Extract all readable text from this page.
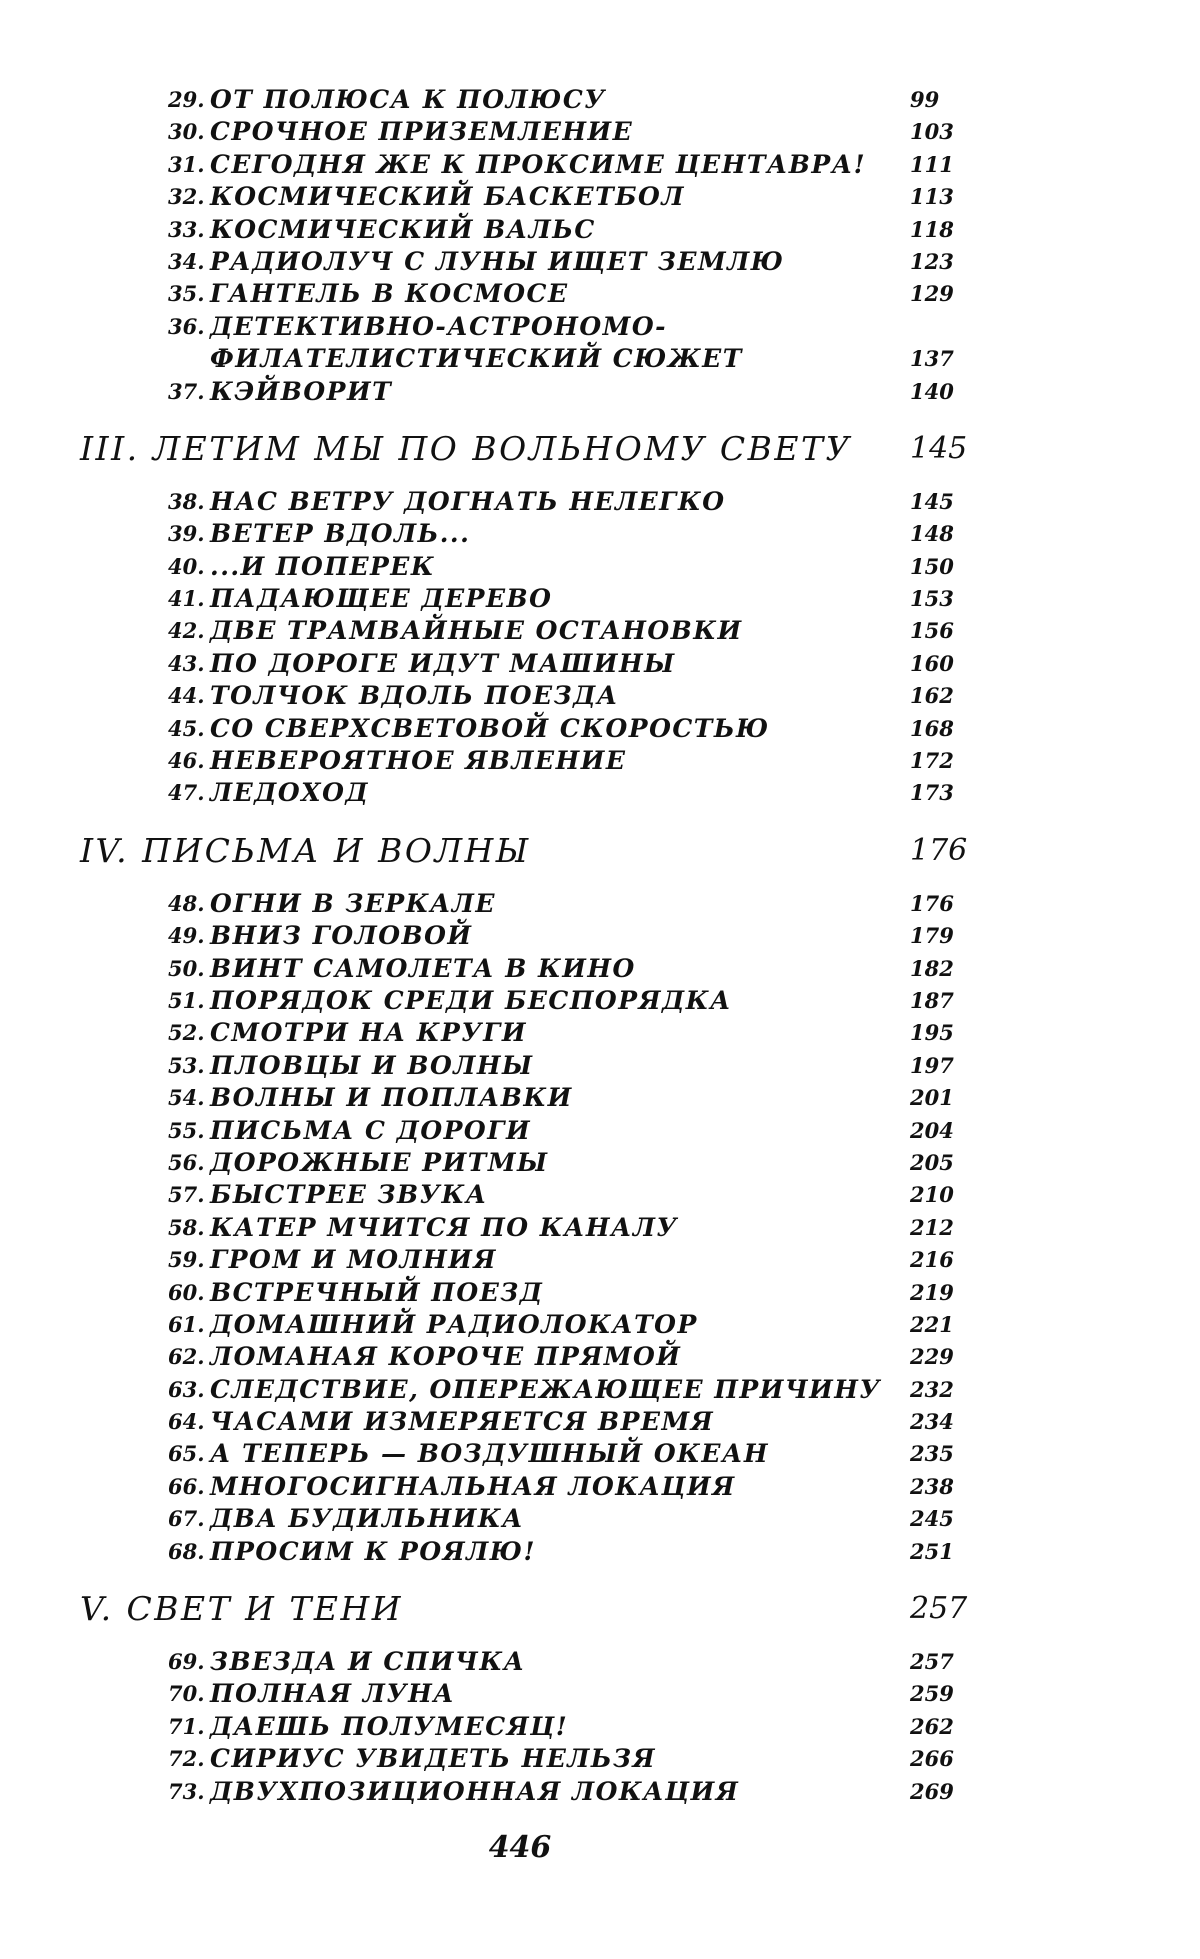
29. ОТ ПОЛЮСА К ПОЛЮСУ	99
30. СРОЧНОЕ ПРИЗЕМЛЕНИЕ	103
31. СЕГОДНЯ ЖЕ К ПРОКСИМЕ ЦЕНТАВРА! 111
32. КОСМИЧЕСКИЙ БАСКЕТБОЛ	113
33. КОСМИЧЕСКИЙ ВАЛЬС	118
34. РАДИОЛУЧ С ЛУНЫ ИЩЕТ ЗЕМЛЮ	123
35. ГАНТЕЛЬ В КОСМОСЕ	129
36. ДЕТЕКТИВНО-АСТРОНОМО-ФИЛАТЕЛИСТИЧЕСКИЙ СЮЖЕТ	137
37. КЭЙВОРИТ	140
III. ЛЕТИМ МЫ ПО ВОЛЬНОМУ СВЕТУ 145
38. НАС ВЕТРУ ДОГНАТЬ НЕЛЕГКО	145
39. ВЕТЕР ВДОЛЬ...	148
40. ...И ПОПЕРЕК	150
41. ПАДАЮЩЕЕ ДЕРЕВО	153
42. ДВЕ ТРАМВАЙНЫЕ ОСТАНОВКИ	156
43. ПО ДОРОГЕ ИДУТ МАШИНЫ	160
44. ТОЛЧОК ВДОЛЬ ПОЕЗДА	162
45. СО СВЕРХСВЕТОВОЙ СКОРОСТЬЮ	168
46. НЕВЕРОЯТНОЕ ЯВЛЕНИЕ	172
47. ЛЕДОХОД	173
IV. ПИСЬМА И ВОЛНЫ	176
48. ОГНИ В ЗЕРКАЛЕ	176
49. ВНИЗ ГОЛОВОЙ	179
50. ВИНТ САМОЛЕТА В КИНО	182
51. ПОРЯДОК СРЕДИ БЕСПОРЯДКА	187
52. СМОТРИ НА КРУГИ	195
53. ПЛОВЦЫ И ВОЛНЫ	197
54. ВОЛНЫ И ПОПЛАВКИ	201
55. ПИСЬМА С ДОРОГИ	204
56. ДОРОЖНЫЕ РИТМЫ	205
57. БЫСТРЕЕ ЗВУКА	210
58. КАТЕР МЧИТСЯ ПО КАНАЛУ	212
59. ГРОМ И МОЛНИЯ	216
60. ВСТРЕЧНЫЙ ПОЕЗД	219
61. ДОМАШНИЙ РАДИОЛОКАТОР	221
62. ЛОМАНАЯ КОРОЧЕ ПРЯМОЙ	229
63. СЛЕДСТВИЕ, ОПЕРЕЖАЮЩЕЕ ПРИЧИНУ 232
64. ЧАСАМИ ИЗМЕРЯЕТСЯ ВРЕМЯ	234
65. А ТЕПЕРЬ — ВОЗДУШНЫЙ ОКЕАН	235
66. МНОГОСИГНАЛЬНАЯ ЛОКАЦИЯ	238
67. ДВА БУДИЛЬНИКА	245
68. ПРОСИМ К РОЯЛЮ!	251
V. СВЕТ И ТЕНИ	257
69. ЗВЕЗДА И СПИЧКА	257
70. ПОЛНАЯ ЛУНА	259
71. ДАЕШЬ ПОЛУМЕСЯЦ!	262
72. СИРИУС УВИДЕТЬ НЕЛЬЗЯ	266
73. ДВУХПОЗИЦИОННАЯ ЛОКАЦИЯ	269
446
